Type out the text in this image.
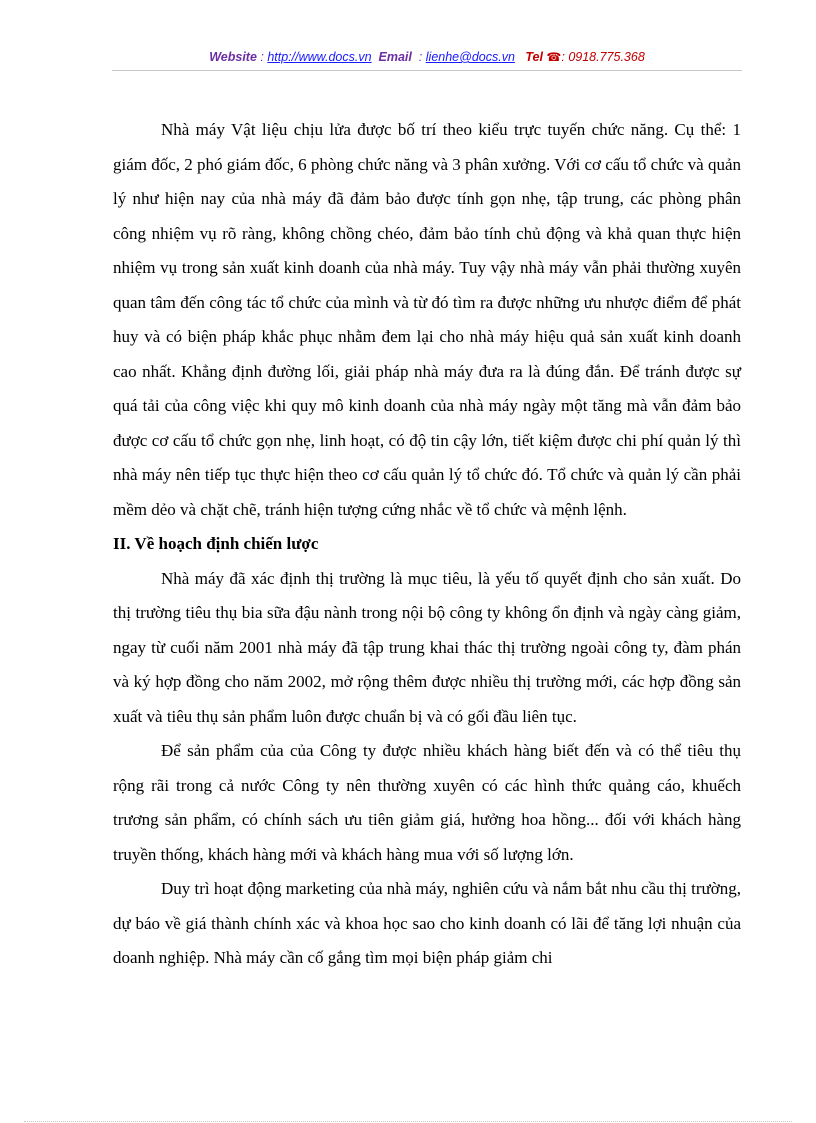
Website : http://www.docs.vn Email  : lienhe@docs.vn Tel ☎: 0918.775.368

Nhà máy Vật liệu chịu lửa được bố trí theo kiểu trực tuyến chức năng. Cụ thể: 1 giám đốc, 2 phó giám đốc, 6 phòng chức năng và 3 phân xưởng. Với cơ cấu tổ chức và quản lý như hiện nay của nhà máy đã đảm bảo được tính gọn nhẹ, tập trung, các phòng phân công nhiệm vụ rõ ràng, không chồng chéo, đảm bảo tính chủ động và khả quan thực hiện nhiệm vụ trong sản xuất kinh doanh của nhà máy. Tuy vậy nhà máy vẫn phải thường xuyên quan tâm đến công tác tổ chức của mình và từ đó tìm ra được những ưu nhược điểm để phát huy và có biện pháp khắc phục nhằm đem lại cho nhà máy hiệu quả sản xuất kinh doanh cao nhất. Khẳng định đường lối, giải pháp nhà máy đưa ra là đúng đắn. Để tránh được sự quá tải của công việc khi quy mô kinh doanh của nhà máy ngày một tăng mà vẫn đảm bảo được cơ cấu tổ chức gọn nhẹ, linh hoạt, có độ tin cậy lớn, tiết kiệm được chi phí quản lý thì nhà máy nên tiếp tục thực hiện theo cơ cấu quản lý tổ chức đó. Tổ chức và quản lý cần phải mềm dẻo và chặt chẽ, tránh hiện tượng cứng nhắc về tổ chức và mệnh lệnh.

II. Về hoạch định chiến lược

Nhà máy đã xác định thị trường là mục tiêu, là yếu tố quyết định cho sản xuất. Do thị trường tiêu thụ bia sữa đậu nành trong nội bộ công ty không ổn định và ngày càng giảm, ngay từ cuối năm 2001 nhà máy đã tập trung khai thác thị trường ngoài công ty, đàm phán và ký hợp đồng cho năm 2002, mở rộng thêm được nhiều thị trường mới, các hợp đồng sản xuất và tiêu thụ sản phẩm luôn được chuẩn bị và có gối đầu liên tục.

Để sản phẩm của của Công ty được nhiều khách hàng biết đến và có thể tiêu thụ rộng rãi trong cả nước Công ty nên thường xuyên có các hình thức quảng cáo, khuếch trương sản phẩm, có chính sách ưu tiên giảm giá, hưởng hoa hồng... đối với khách hàng truyền thống, khách hàng mới và khách hàng mua với số lượng lớn.

Duy trì hoạt động marketing của nhà máy, nghiên cứu và nắm bắt nhu cầu thị trường, dự báo về giá thành chính xác và khoa học sao cho kinh doanh có lãi để tăng lợi nhuận của doanh nghiệp. Nhà máy cần cố gắng tìm mọi biện pháp giảm chi
